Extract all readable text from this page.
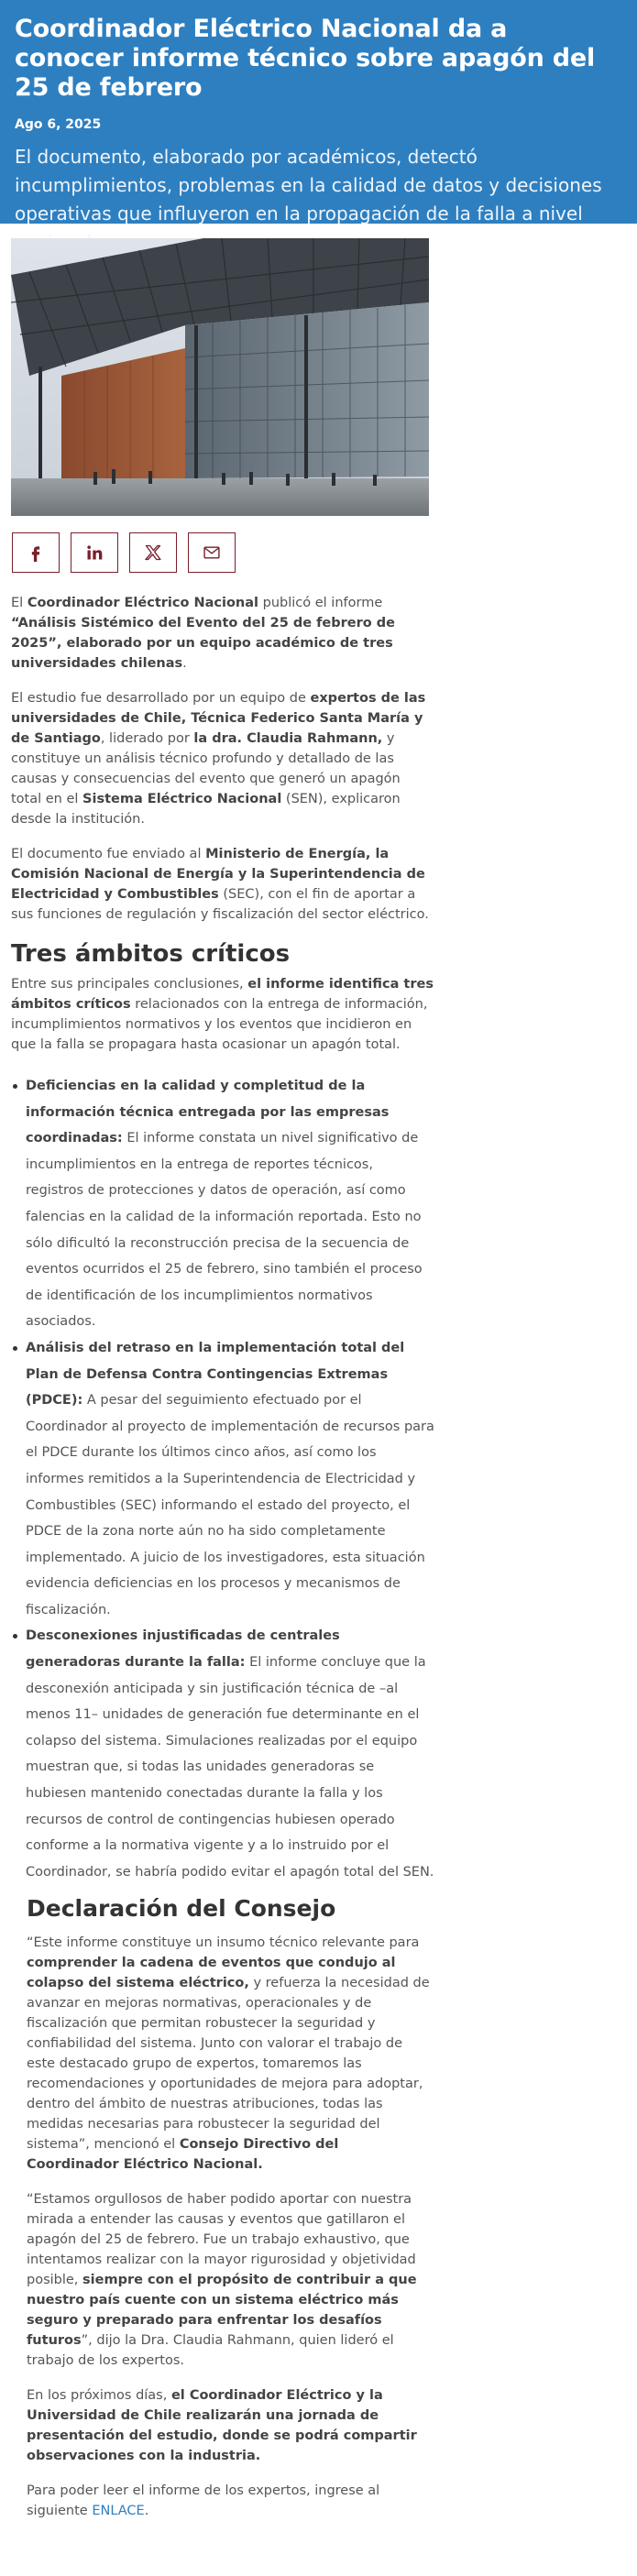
Coordinador Eléctrico Nacional da a conocer informe técnico sobre apagón del 25 de febrero
Ago 6, 2025

El documento, elaborado por académicos, detectó incumplimientos, problemas en la calidad de datos y decisiones operativas que influyeron en la propagación de la falla a nivel

El Coordinador Eléctrico Nacional publicó el informe “Análisis Sistémico del Evento del 25 de febrero de 2025”, elaborado por un equipo académico de tres universidades chilenas.

El estudio fue desarrollado por un equipo de expertos de las universidades de Chile, Técnica Federico Santa María y de Santiago, liderado por la dra. Claudia Rahmann, y constituye un análisis técnico profundo y detallado de las causas y consecuencias del evento que generó un apagón total en el Sistema Eléctrico Nacional (SEN), explicaron desde la institución.

El documento fue enviado al Ministerio de Energía, la Comisión Nacional de Energía y la Superintendencia de Electricidad y Combustibles (SEC), con el fin de aportar a sus funciones de regulación y fiscalización del sector eléctrico.

Tres ámbitos críticos

Entre sus principales conclusiones, el informe identifica tres ámbitos críticos relacionados con la entrega de información, incumplimientos normativos y los eventos que incidieron en que la falla se propagara hasta ocasionar un apagón total.

Deficiencias en la calidad y completitud de la información técnica entregada por las empresas coordinadas: El informe constata un nivel significativo de incumplimientos en la entrega de reportes técnicos, registros de protecciones y datos de operación, así como falencias en la calidad de la información reportada. Esto no sólo dificultó la reconstrucción precisa de la secuencia de eventos ocurridos el 25 de febrero, sino también el proceso de identificación de los incumplimientos normativos asociados.
Análisis del retraso en la implementación total del Plan de Defensa Contra Contingencias Extremas (PDCE): A pesar del seguimiento efectuado por el Coordinador al proyecto de implementación de recursos para el PDCE durante los últimos cinco años, así como los informes remitidos a la Superintendencia de Electricidad y Combustibles (SEC) informando el estado del proyecto, el PDCE de la zona norte aún no ha sido completamente implementado. A juicio de los investigadores, esta situación evidencia deficiencias en los procesos y mecanismos de fiscalización.
Desconexiones injustificadas de centrales generadoras durante la falla: El informe concluye que la desconexión anticipada y sin justificación técnica de –al menos 11– unidades de generación fue determinante en el colapso del sistema. Simulaciones realizadas por el equipo muestran que, si todas las unidades generadoras se hubiesen mantenido conectadas durante la falla y los recursos de control de contingencias hubiesen operado conforme a la normativa vigente y a lo instruido por el Coordinador, se habría podido evitar el apagón total del SEN.
Declaración del Consejo

“Este informe constituye un insumo técnico relevante para comprender la cadena de eventos que condujo al colapso del sistema eléctrico, y refuerza la necesidad de avanzar en mejoras normativas, operacionales y de fiscalización que permitan robustecer la seguridad y confiabilidad del sistema. Junto con valorar el trabajo de este destacado grupo de expertos, tomaremos las recomendaciones y oportunidades de mejora para adoptar, dentro del ámbito de nuestras atribuciones, todas las medidas necesarias para robustecer la seguridad del sistema”, mencionó el Consejo Directivo del Coordinador Eléctrico Nacional.

“Estamos orgullosos de haber podido aportar con nuestra mirada a entender las causas y eventos que gatillaron el apagón del 25 de febrero. Fue un trabajo exhaustivo, que intentamos realizar con la mayor rigurosidad y objetividad posible, siempre con el propósito de contribuir a que nuestro país cuente con un sistema eléctrico más seguro y preparado para enfrentar los desafíos futuros”, dijo la Dra. Claudia Rahmann, quien lideró el trabajo de los expertos.

En los próximos días, el Coordinador Eléctrico y la Universidad de Chile realizarán una jornada de presentación del estudio, donde se podrá compartir observaciones con la industria.

Para poder leer el informe de los expertos, ingrese al siguiente ENLACE.
